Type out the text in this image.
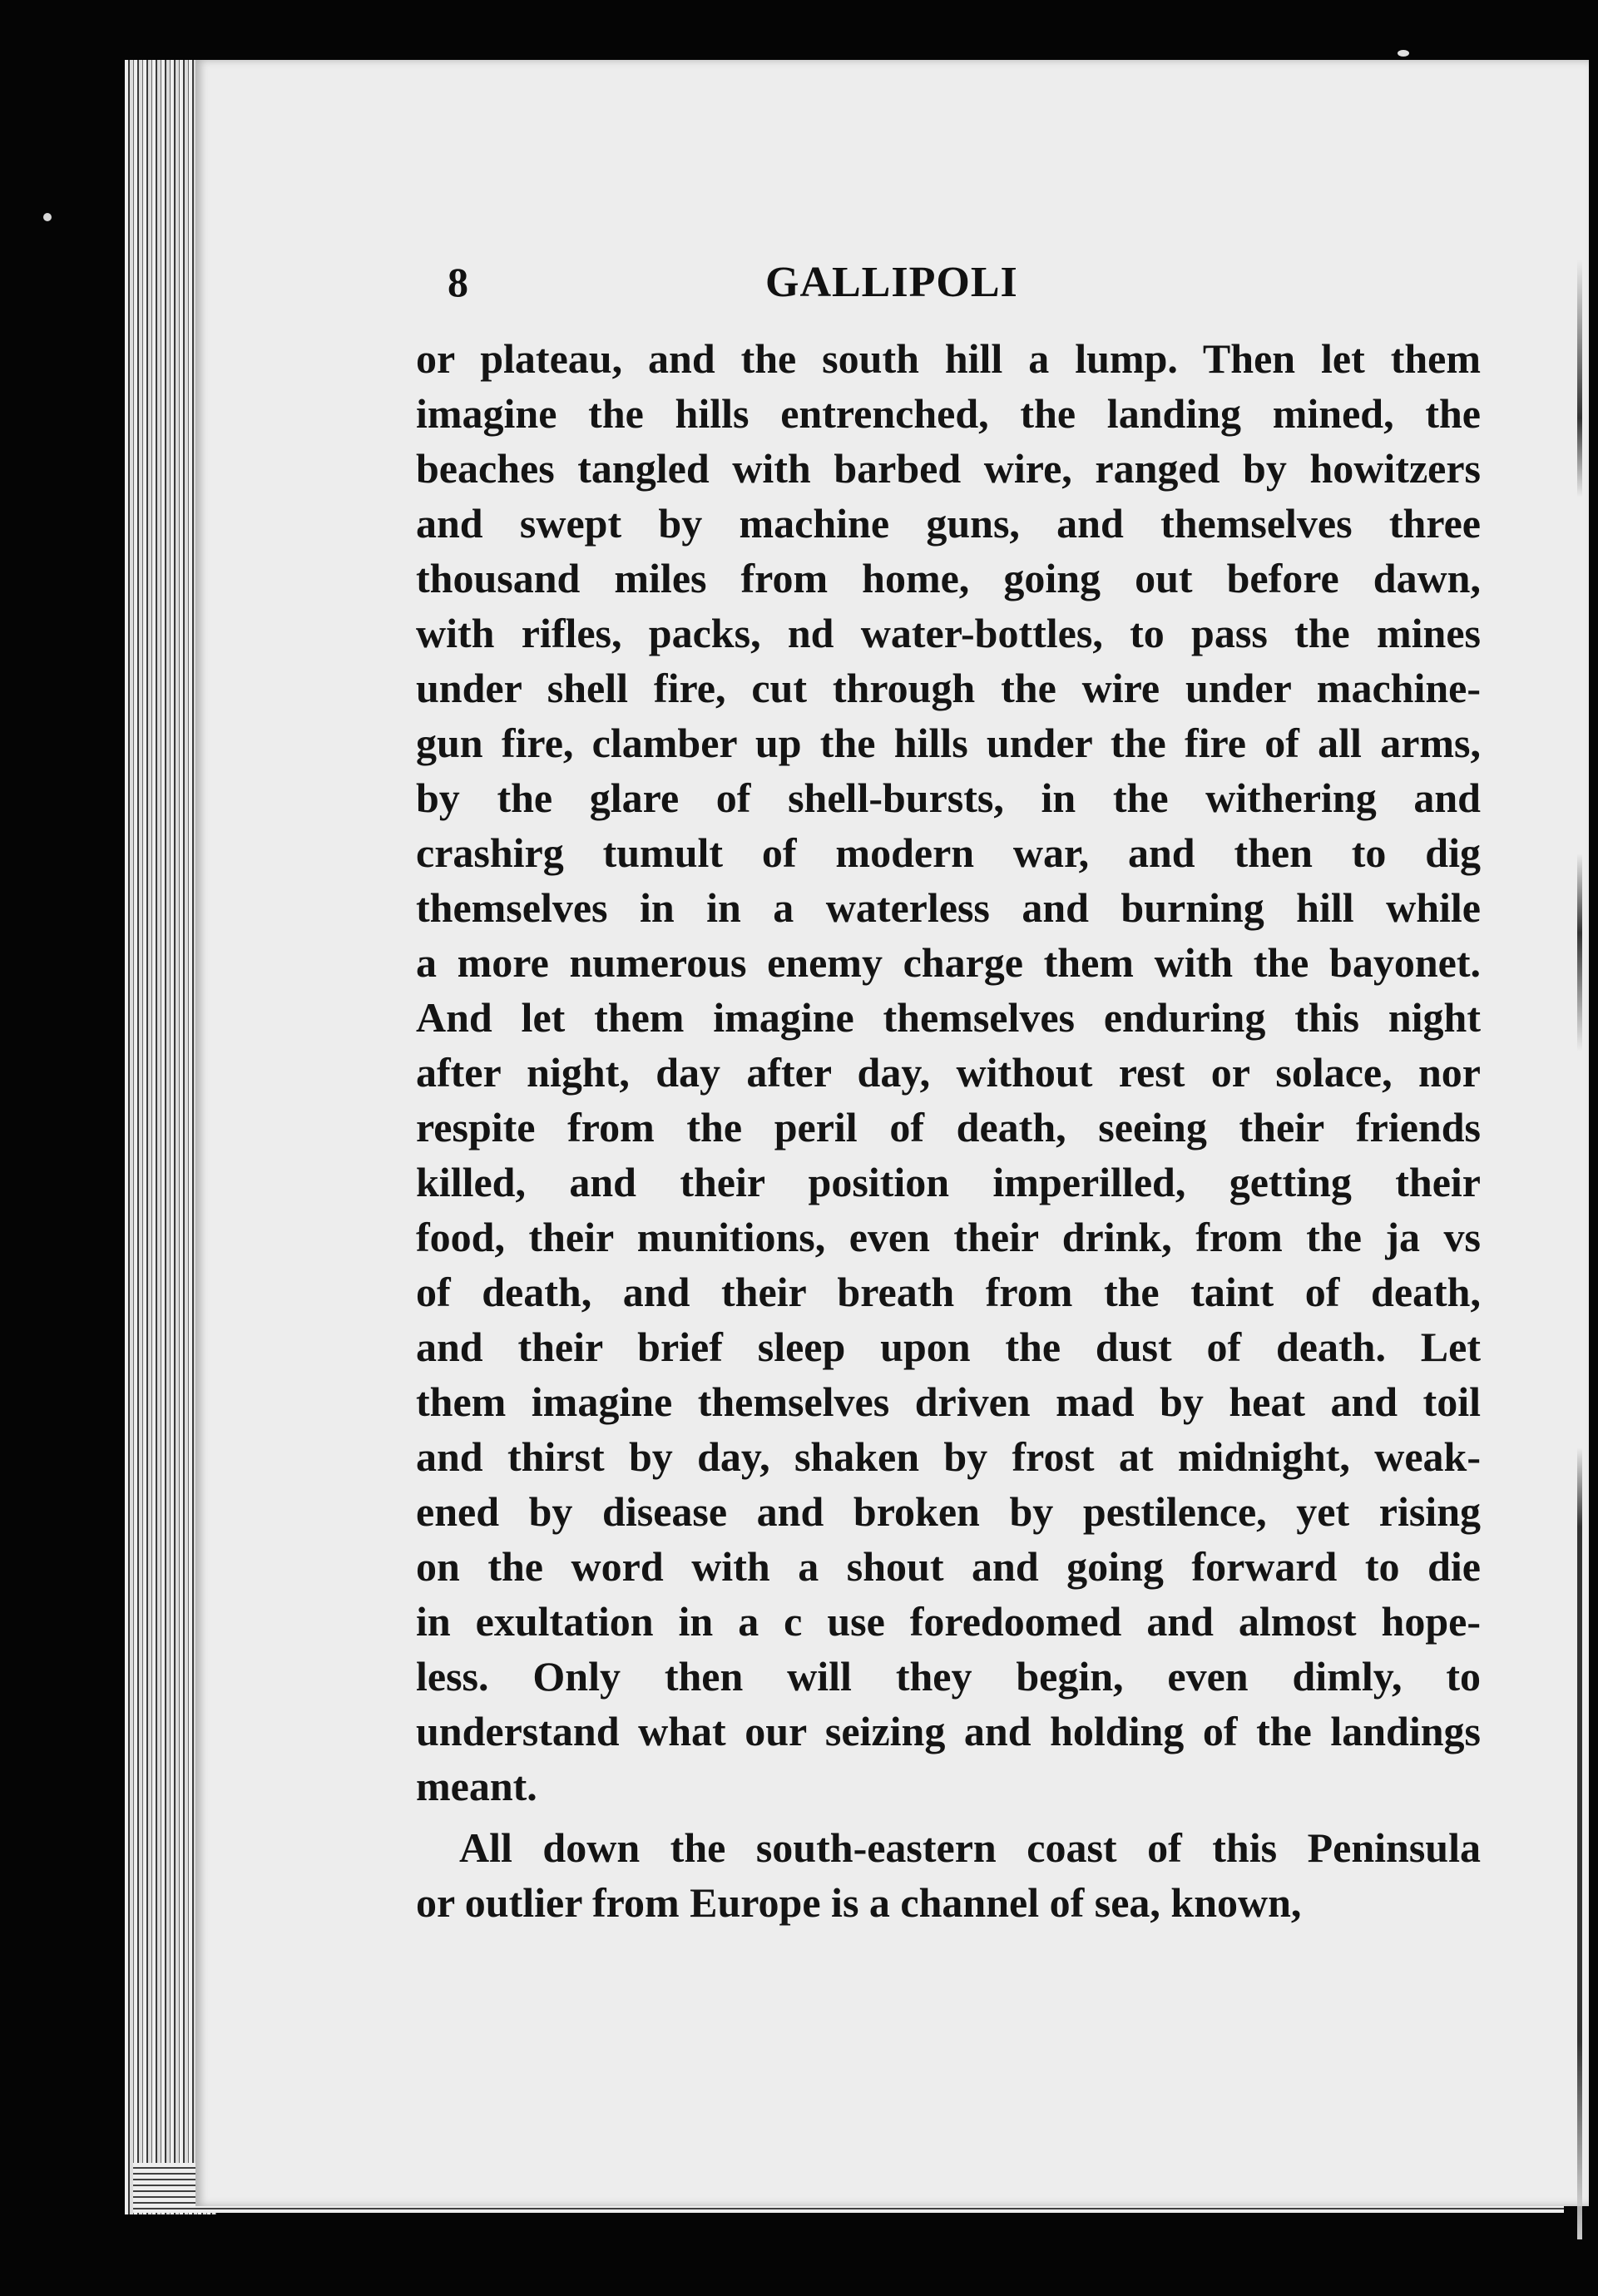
8	GALLIPOLI

or plateau, and the south hill a lump. Then let them
imagine the hills entrenched, the landing mined, the
beaches tangled with barbed wire, ranged by howitzers
and swept by machine guns, and themselves three
thousand miles from home, going out before dawn,
with rifles, packs, nd water-bottles, to pass the mines
under shell fire, cut through the wire under machine-
gun fire, clamber up the hills under the fire of all arms,
by the glare of shell-bursts, in the withering and
crashirg tumult of modern war, and then to dig
themselves in in a waterless and burning hill while
a more numerous enemy charge them with the bayonet.
And let them imagine themselves enduring this night
after night, day after day, without rest or solace, nor
respite from the peril of death, seeing their friends
killed, and their position imperilled, getting their
food, their munitions, even their drink, from the ja vs
of death, and their breath from the taint of death,
and their brief sleep upon the dust of death. Let
them imagine themselves driven mad by heat and toil
and thirst by day, shaken by frost at midnight, weak-
ened by disease and broken by pestilence, yet rising
on the word with a shout and going forward to die
in exultation in a c use foredoomed and almost hope-
less. Only then will they begin, even dimly, to
understand what our seizing and holding of the landings
meant.

All down the south-eastern coast of this Peninsula
or outlier from Europe is a channel of sea, known,
